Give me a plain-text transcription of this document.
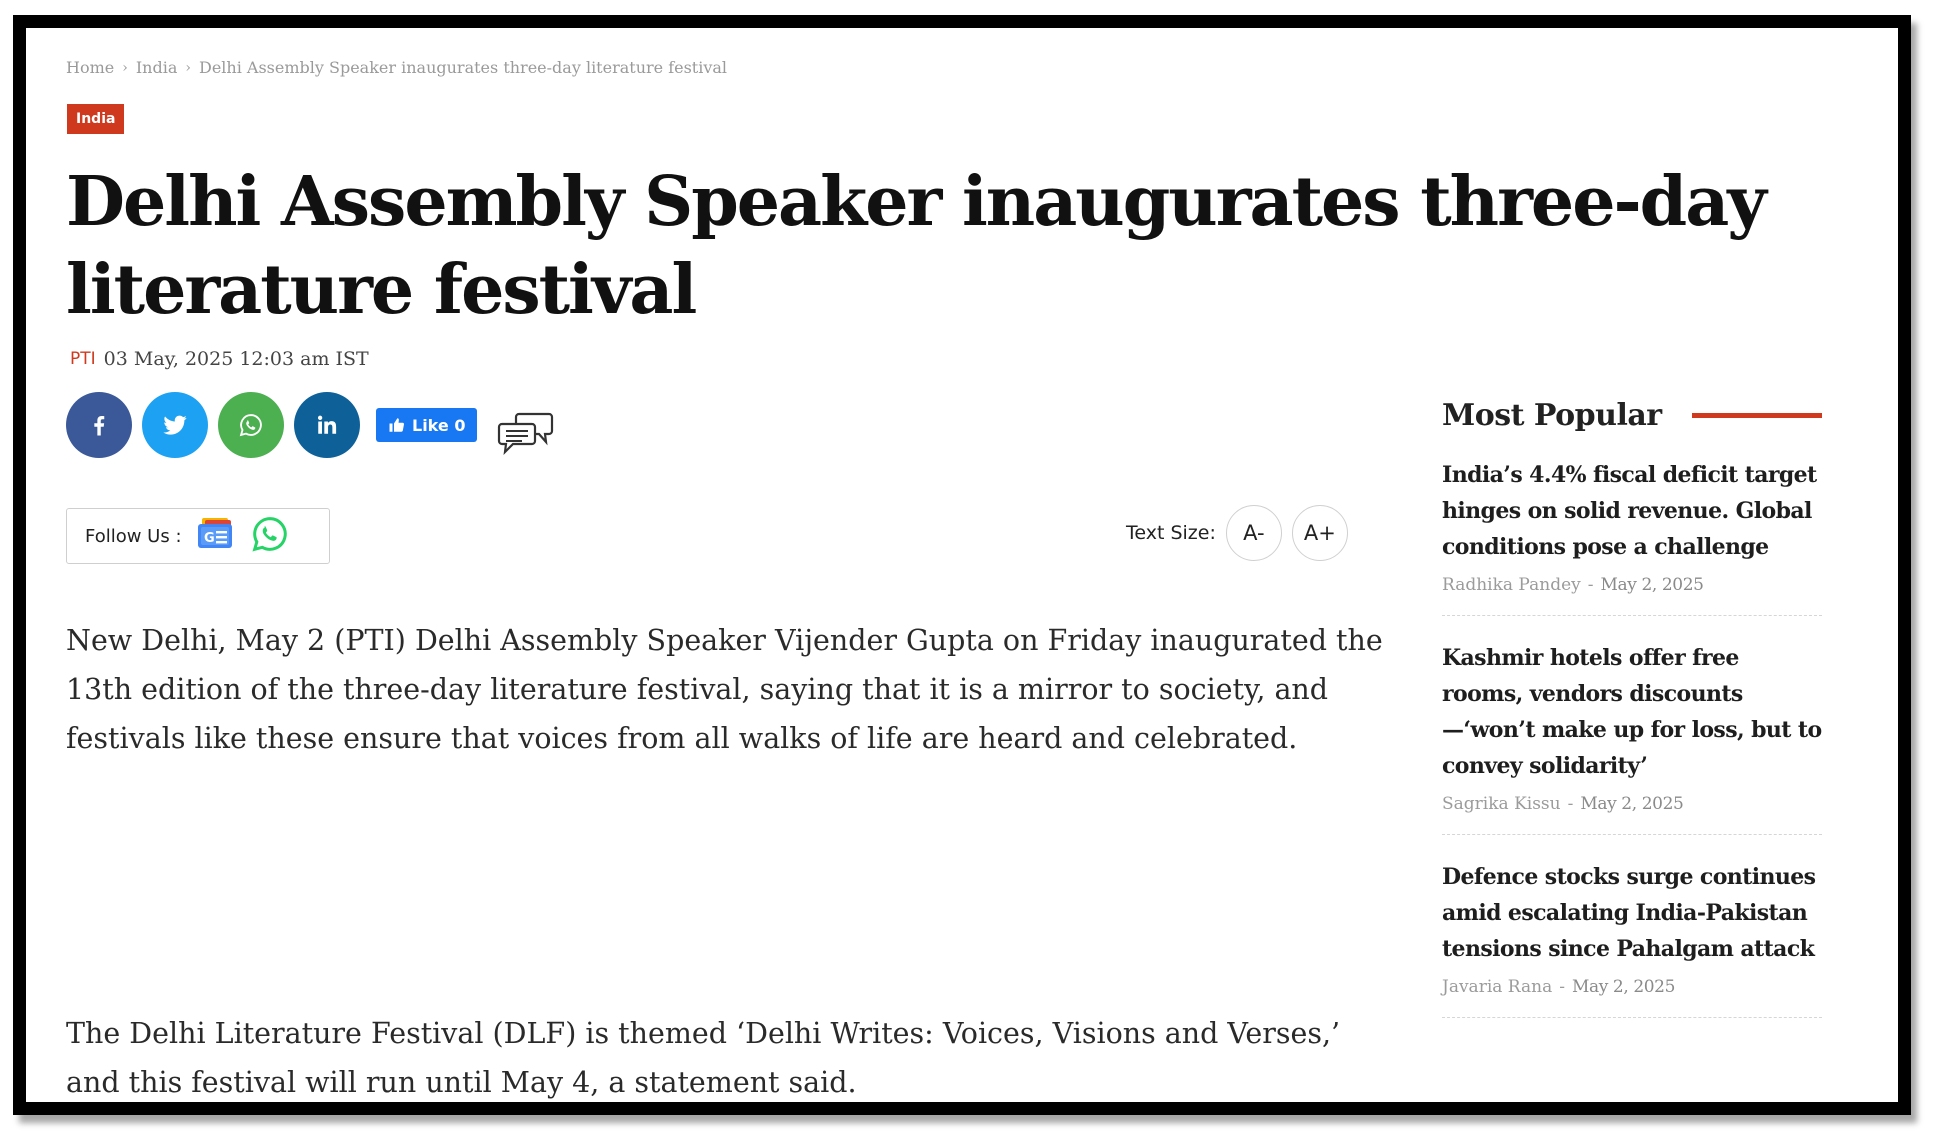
Home › India › Delhi Assembly Speaker inaugurates three-day literature festival
India
Delhi Assembly Speaker inaugurates three-day literature festival
PTI 03 May, 2025 12:03 am IST
Like 0
Follow Us : G	Text Size:	A-	A+

New Delhi, May 2 (PTI) Delhi Assembly Speaker Vijender Gupta on Friday inaugurated the 13th edition of the three-day literature festival, saying that it is a mirror to society, and festivals like these ensure that voices from all walks of life are heard and celebrated.

The Delhi Literature Festival (DLF) is themed ‘Delhi Writes: Voices, Visions and Verses,’ and this festival will run until May 4, a statement said.

Most Popular
India’s 4.4% fiscal deficit target hinges on solid revenue. Global conditions pose a challenge
Radhika Pandey - May 2, 2025
Kashmir hotels offer free rooms, vendors discounts—‘won’t make up for loss, but to convey solidarity’
Sagrika Kissu - May 2, 2025
Defence stocks surge continues amid escalating India-Pakistan tensions since Pahalgam attack
Javaria Rana - May 2, 2025
